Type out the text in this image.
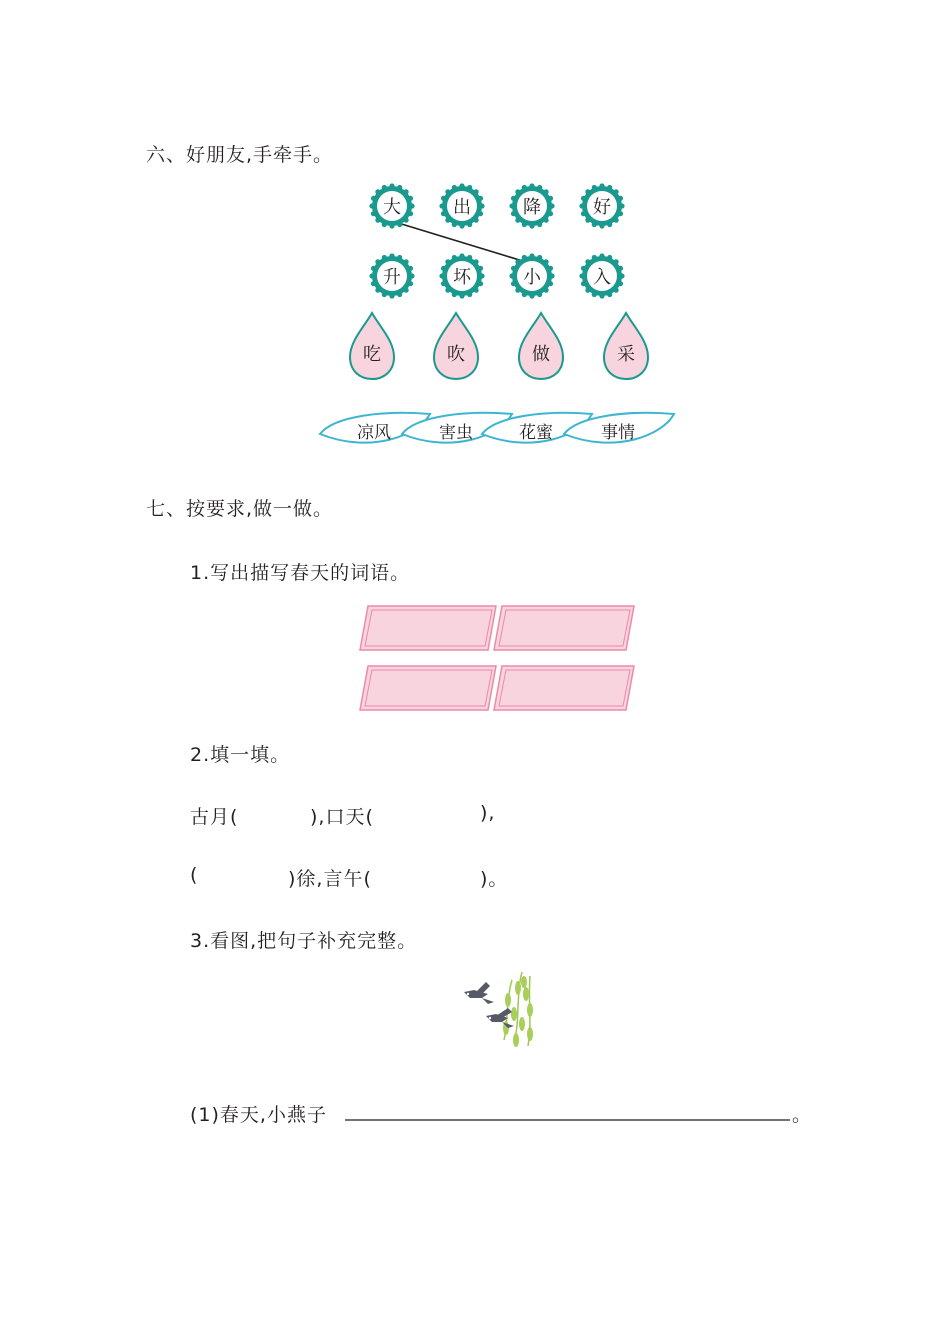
六、好朋友,手牵手。
大	出	降	好
升	坏	小	入
吃	吹	做	采
凉风	害虫	花蜜	事情
七、按要求,做一做。
1.写出描写春天的词语。
2.填一填。
古月(	),口天(	),
(	)徐,言午(	)。
3.看图,把句子补充完整。
(1)春天,小燕子	。
